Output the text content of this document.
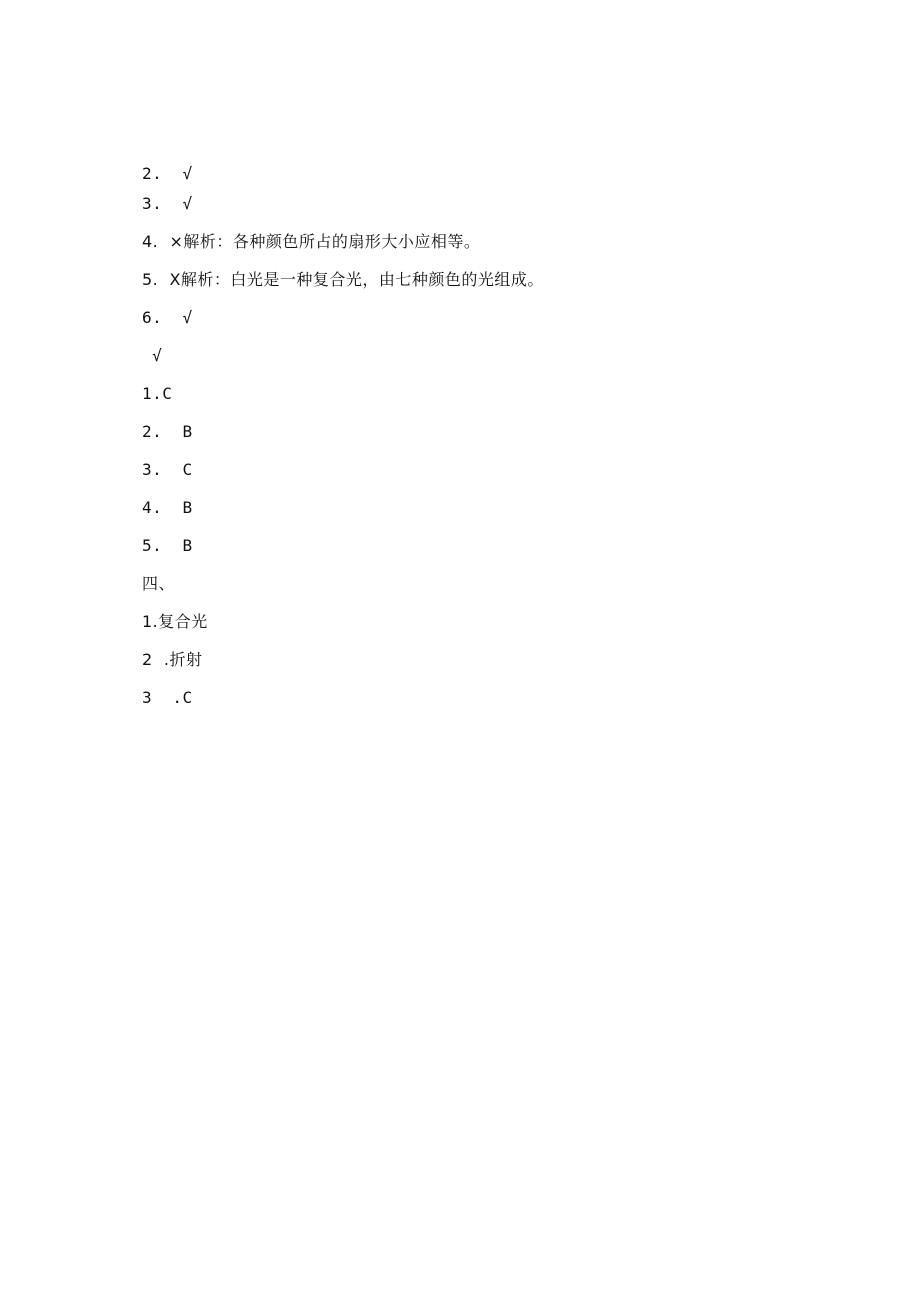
2.  √
3.  √
4.  ×解析：各种颜色所占的扇形大小应相等。
5.  X解析：白光是一种复合光，由七种颜色的光组成。
6.  √
√
1.C
2.  B
3.  C
4.  B
5.  B
四、
1.复合光
2  .折射
3  .C
